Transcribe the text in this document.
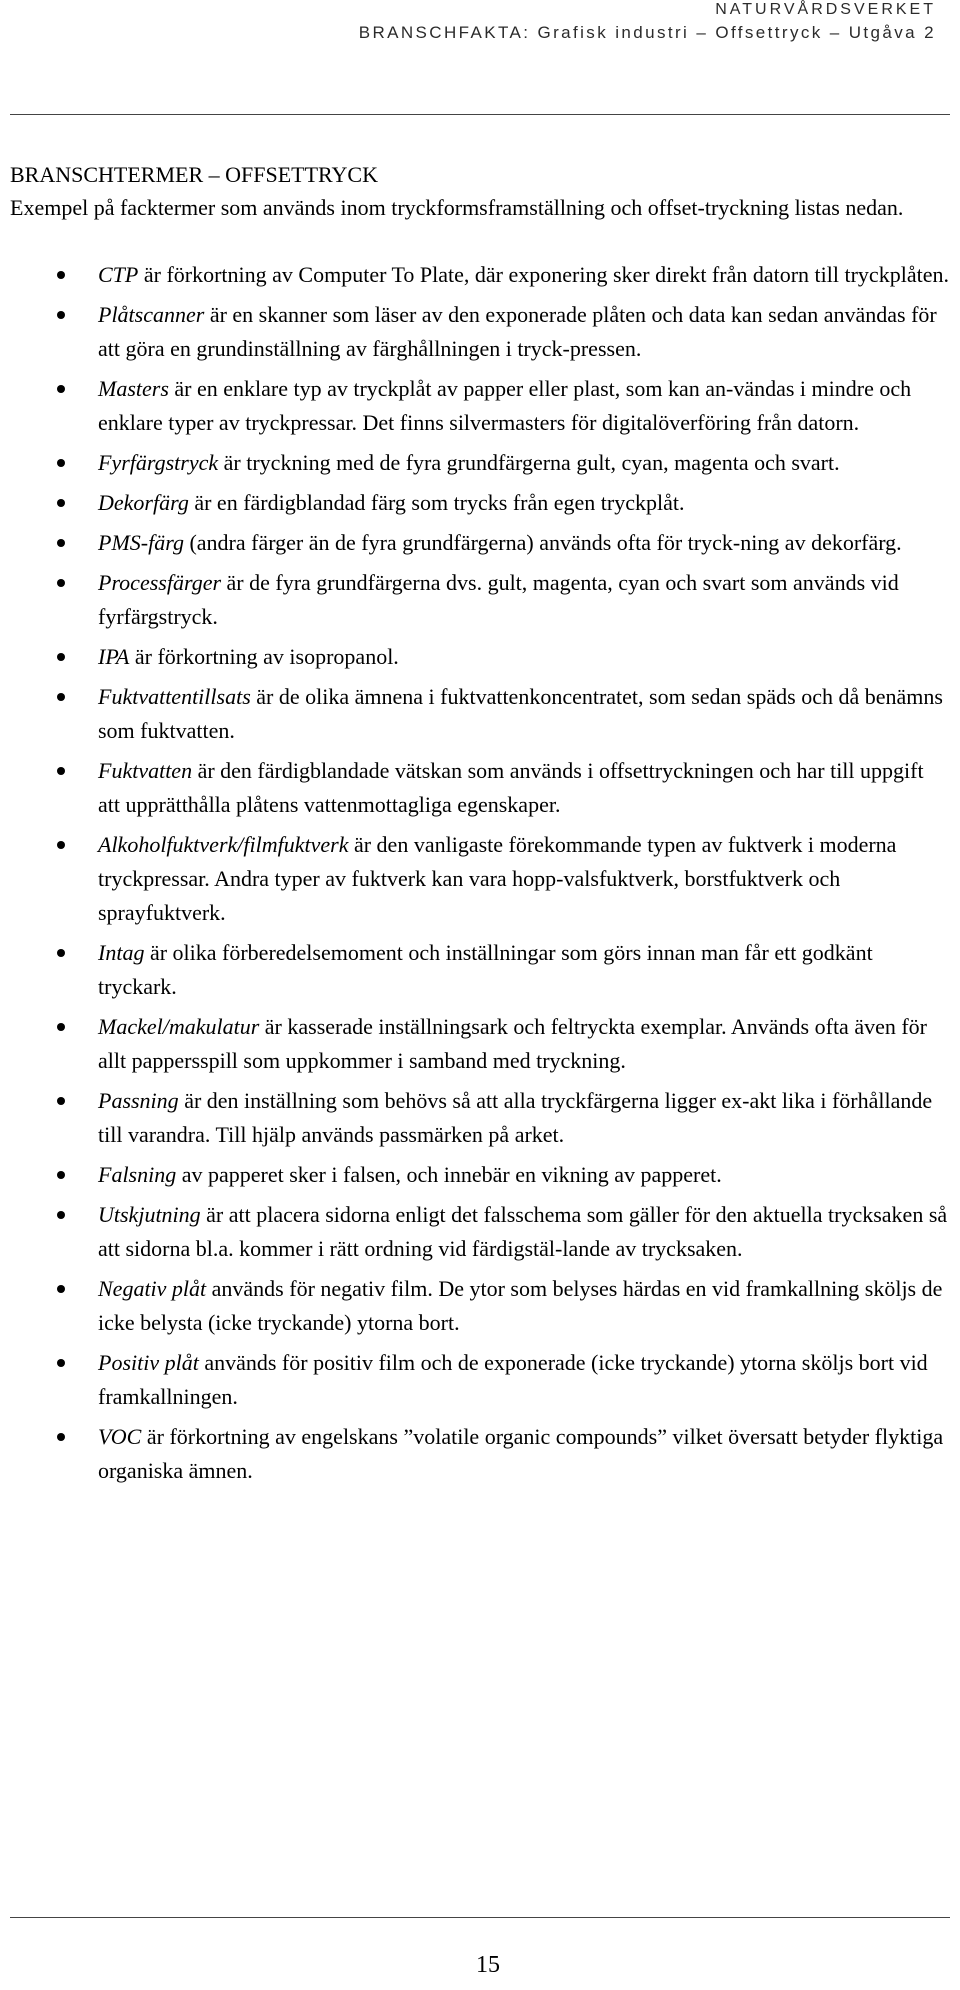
NATURVÅRDSVERKET
BRANSCHFAKTA: Grafisk industri – Offsettryck – Utgåva 2
BRANSCHTERMER – OFFSETTRYCK

Exempel på facktermer som används inom tryckformsframställning och offset-tryckning listas nedan.

CTP är förkortning av Computer To Plate, där exponering sker direkt från datorn till tryckplåten.
Plåtscanner är en skanner som läser av den exponerade plåten och data kan sedan användas för att göra en grundinställning av färghållningen i tryck-pressen.
Masters är en enklare typ av tryckplåt av papper eller plast, som kan an-vändas i mindre och enklare typer av tryckpressar. Det finns silvermasters för digitalöverföring från datorn.
Fyrfärgstryck är tryckning med de fyra grundfärgerna gult, cyan, magenta och svart.
Dekorfärg är en färdigblandad färg som trycks från egen tryckplåt.
PMS-färg (andra färger än de fyra grundfärgerna) används ofta för tryck-ning av dekorfärg.
Processfärger är de fyra grundfärgerna dvs. gult, magenta, cyan och svart som används vid fyrfärgstryck.
IPA är förkortning av isopropanol.
Fuktvattentillsats är de olika ämnena i fuktvattenkoncentratet, som sedan späds och då benämns som fuktvatten.
Fuktvatten är den färdigblandade vätskan som används i offsettryckningen och har till uppgift att upprätthålla plåtens vattenmottagliga egenskaper.
Alkoholfuktverk/filmfuktverk är den vanligaste förekommande typen av fuktverk i moderna tryckpressar. Andra typer av fuktverk kan vara hopp-valsfuktverk, borstfuktverk och sprayfuktverk.
Intag är olika förberedelsemoment och inställningar som görs innan man får ett godkänt tryckark.
Mackel/makulatur är kasserade inställningsark och feltryckta exemplar. Används ofta även för allt pappersspill som uppkommer i samband med tryckning.
Passning är den inställning som behövs så att alla tryckfärgerna ligger ex-akt lika i förhållande till varandra. Till hjälp används passmärken på arket.
Falsning av papperet sker i falsen, och innebär en vikning av papperet.
Utskjutning är att placera sidorna enligt det falsschema som gäller för den aktuella trycksaken så att sidorna bl.a. kommer i rätt ordning vid färdigstäl-lande av trycksaken.
Negativ plåt används för negativ film. De ytor som belyses härdas en vid framkallning sköljs de icke belysta (icke tryckande) ytorna bort.
Positiv plåt används för positiv film och de exponerade (icke tryckande) ytorna sköljs bort vid framkallningen.
VOC är förkortning av engelskans ”volatile organic compounds” vilket översatt betyder flyktiga organiska ämnen.
15
